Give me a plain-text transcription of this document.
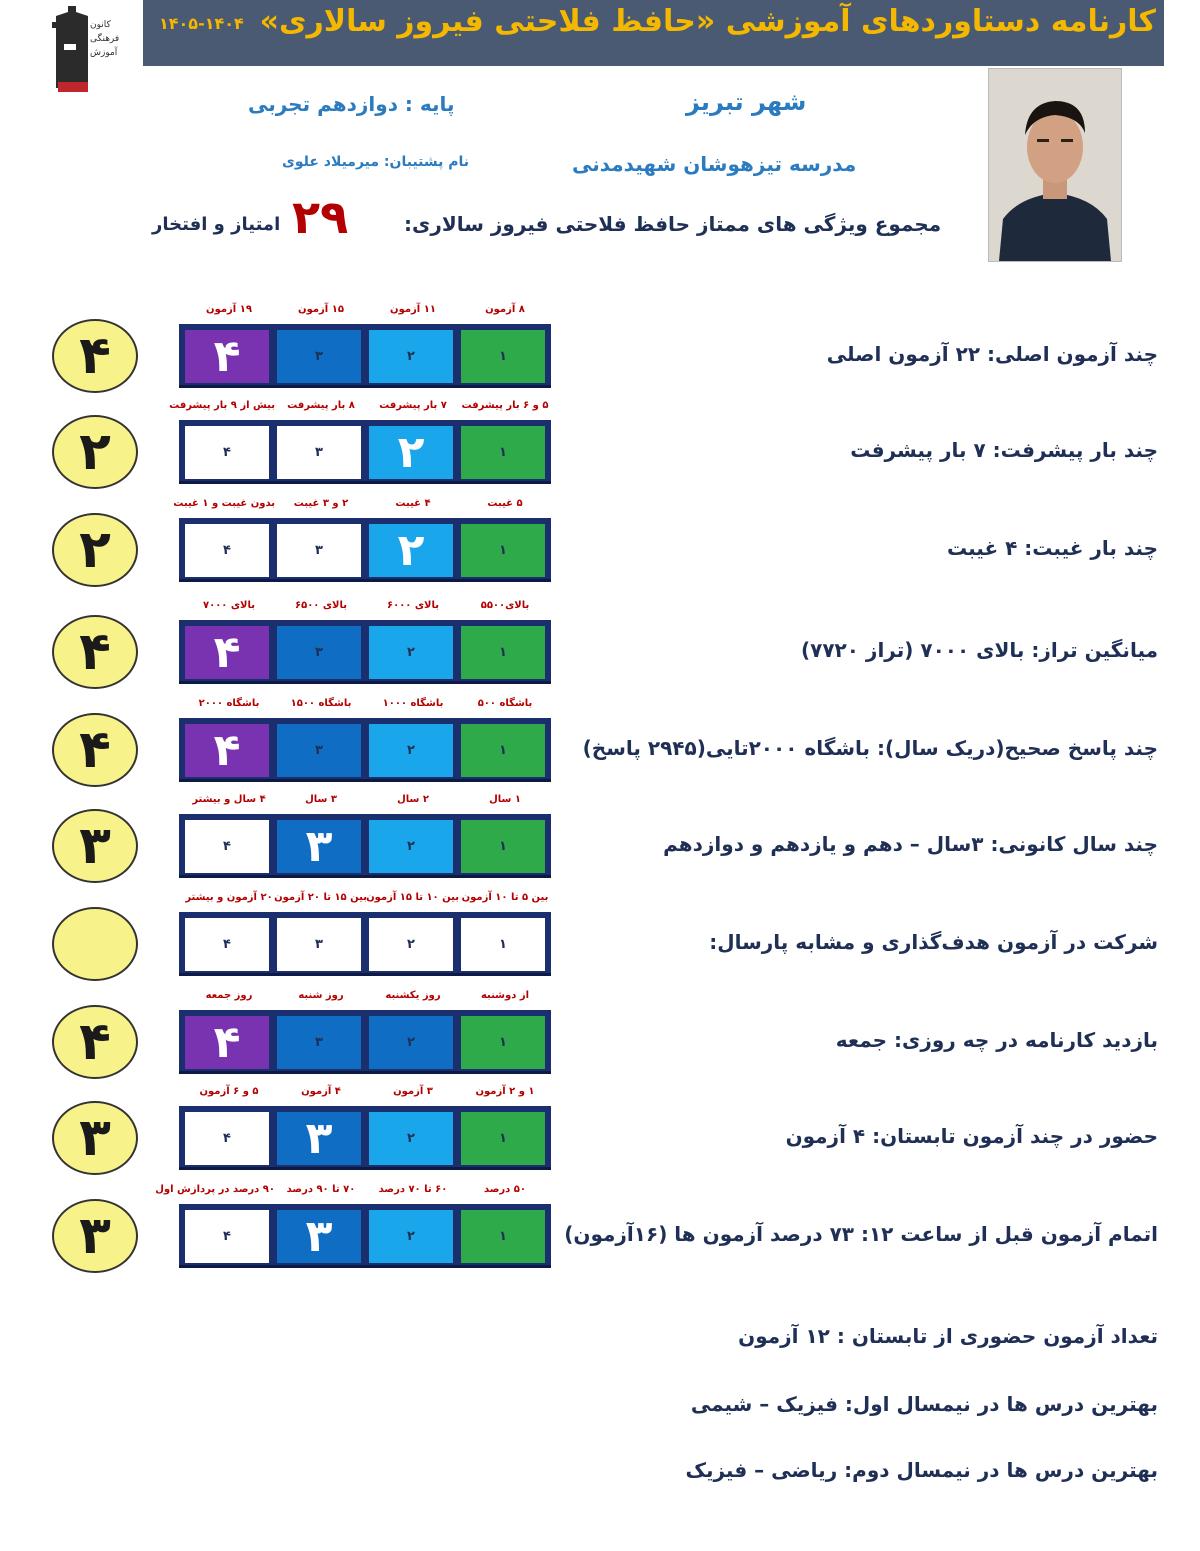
کارنامه دستاوردهای آموزشی «حافظ فلاحتی فیروز سالاری»
۱۴۰۵-۱۴۰۴
کانون
فرهنگی
آموزش
قلم چی
شهر تبریز
پایه : دوازدهم تجربی
مدرسه تیزهوشان شهیدمدنی
نام پشتیبان: میرمیلاد علوی
مجموع ویژگی های ممتاز حافظ فلاحتی فیروز سالاری:
۲۹
امتیاز و افتخار
چند آزمون اصلی: ۲۲ آزمون اصلی
۸ آزمون
۱۱ آزمون
۱۵ آزمون
۱۹ آزمون
۱
۲
۳
۴
۴
چند بار پیشرفت: ۷ بار پیشرفت
۵ و ۶ بار پیشرفت
۷ بار پیشرفت
۸ بار پیشرفت
بیش از ۹ بار پیشرفت
۱
۲
۳
۴
۲
چند بار غیبت: ۴ غیبت
۵ غیبت
۴ غیبت
۲ و ۳ غیبت
بدون غیبت و ۱ غیبت
۱
۲
۳
۴
۲
میانگین تراز: بالای ۷۰۰۰ (تراز ۷۷۲۰)
بالای۵۵۰۰
بالای ۶۰۰۰
بالای ۶۵۰۰
بالای ۷۰۰۰
۱
۲
۳
۴
۴
چند پاسخ صحیح(دریک سال): باشگاه ۲۰۰۰تایی(۲۹۴۵ پاسخ)
باشگاه ۵۰۰
باشگاه ۱۰۰۰
باشگاه ۱۵۰۰
باشگاه ۲۰۰۰
۱
۲
۳
۴
۴
چند سال کانونی: ۳سال – دهم و یازدهم و دوازدهم
۱ سال
۲ سال
۳ سال
۴ سال و بیشتر
۱
۲
۳
۴
۳
شرکت در آزمون هدف‌گذاری و مشابه پارسال:
بین ۵ تا ۱۰ آزمون
بین ۱۰ تا ۱۵ آزمون
بین ۱۵ تا ۲۰ آزمون
۲۰ آزمون و بیشتر
۱
۲
۳
۴
بازدید کارنامه در چه روزی: جمعه
از دوشنبه
روز یکشنبه
روز شنبه
روز جمعه
۱
۲
۳
۴
۴
حضور در چند آزمون تابستان: ۴ آزمون
۱ و ۲ آزمون
۳ آزمون
۴ آزمون
۵ و ۶ آزمون
۱
۲
۳
۴
۳
اتمام آزمون قبل از ساعت ۱۲: ۷۳ درصد آزمون ها (۱۶آزمون)
۵۰ درصد
۶۰ تا ۷۰ درصد
۷۰ تا ۹۰ درصد
۹۰ درصد در پردازش اول
۱
۲
۳
۴
۳
تعداد آزمون حضوری از تابستان : ۱۲ آزمون
بهترین درس ها در نیمسال اول: فیزیک – شیمی
بهترین درس ها در نیمسال دوم: ریاضی – فیزیک
